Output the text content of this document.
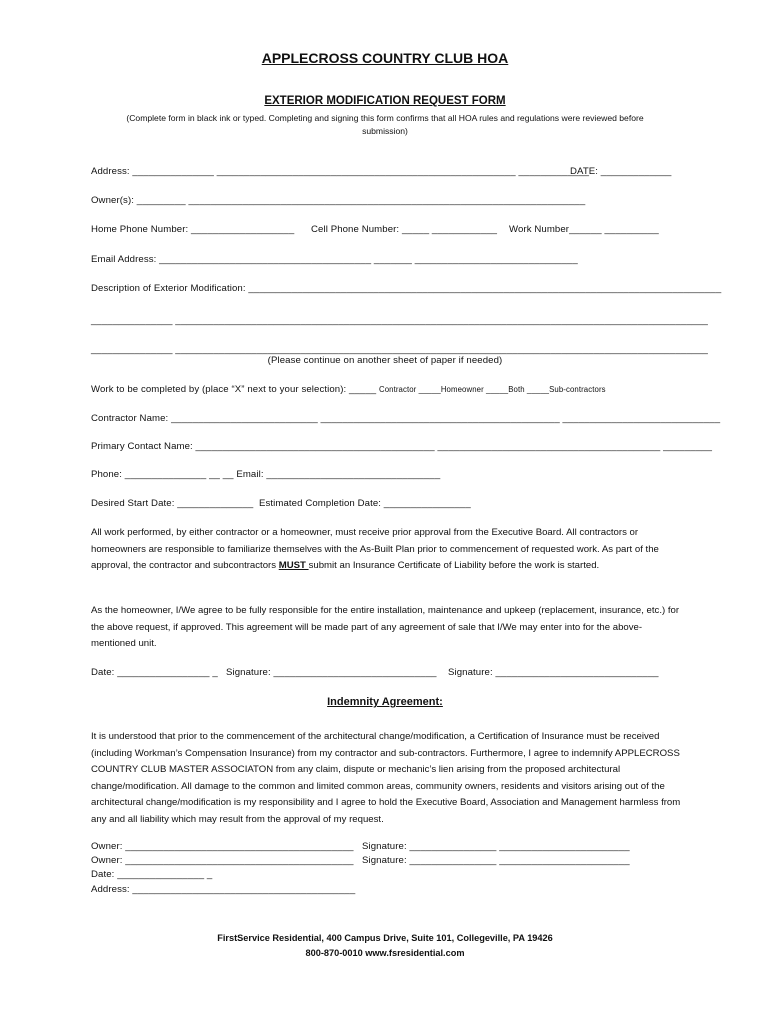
APPLECROSS COUNTRY CLUB HOA
EXTERIOR MODIFICATION REQUEST FORM
(Complete form in black ink or typed. Completing and signing this form confirms that all HOA rules and regulations were reviewed before
submission)
Address: _______________ _______________________________________________________ _____________
DATE: _____________
Owner(s): _________ _________________________________________________________________________
Home Phone Number: ___________________ Cell Phone Number: _____ ____________ Work Number______ __________
Email Address: _______________________________________ _______ ______________________________
Description of Exterior Modification: _______________________________________________________________________________________
_______________ __________________________________________________________________________________________________
_______________ __________________________________________________________________________________________________
(Please continue on another sheet of paper if needed)
Work to be completed by (place “X” next to your selection): _____ Contractor _____Homeowner _____Both _____Sub-contractors
Contractor Name: ___________________________ ____________________________________________ _____________________________
Primary Contact Name: ____________________________________________ _________________________________________ _________
Phone: _______________ __ __ Email: ________________________________
Desired Start Date: ______________ Estimated Completion Date: ________________
All work performed, by either contractor or a homeowner, must receive prior approval from the Executive Board. All contractors or homeowners are responsible to familiarize themselves with the As-Built Plan prior to commencement of requested work. As part of the approval, the contractor and subcontractors MUST submit an Insurance Certificate of Liability before the work is started.
As the homeowner, I/We agree to be fully responsible for the entire installation, maintenance and upkeep (replacement, insurance, etc.) for the above request, if approved. This agreement will be made part of any agreement of sale that I/We may enter into for the above-mentioned unit.
Date: _________________ _ Signature: ______________________________ Signature: ______________________________
Indemnity Agreement:
It is understood that prior to the commencement of the architectural change/modification, a Certification of Insurance must be received (including Workman’s Compensation Insurance) from my contractor and sub-contractors. Furthermore, I agree to indemnify APPLECROSS COUNTRY CLUB MASTER ASSOCIATON from any claim, dispute or mechanic’s lien arising from the proposed architectural change/modification. All damage to the common and limited common areas, community owners, residents and visitors arising out of the architectural change/modification is my responsibility and I agree to hold the Executive Board, Association and Management harmless from any and all liability which may result from the approval of my request.
Owner: __________________________________________ Signature: ________________ ________________________
Owner: __________________________________________ Signature: ________________ ________________________
Date: ________________ _
Address: _________________________________________
FirstService Residential, 400 Campus Drive, Suite 101, Collegeville, PA 19426
800-870-0010 www.fsresidential.com
